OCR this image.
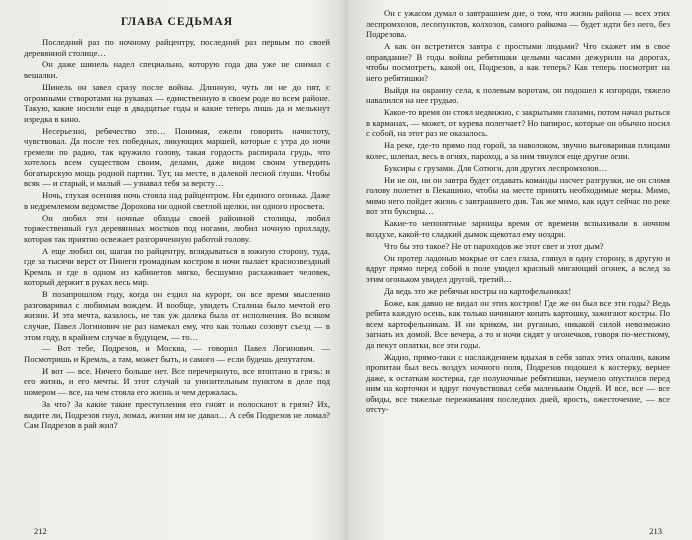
ГЛАВА СЕДЬМАЯ

Последний раз по ночному райцентру, последний раз первым по своей деревянной столице…

Он даже шинель надел специально, которую года два уже не снимал с вешалки.

Шинель он завел сразу после войны. Длинную, чуть ли не до пят, с огромными створотами на рукавах — единственную в своем роде во всем районе. Такую, какие носили еще в двадцатые годы и какие теперь лишь да и мелькнут изредка в кино.

Несерьезно, ребячество это… Понимая, ежели говорить начистоту, чувствовал. Да после тех победных, ликующих маршей, которые с утра до ночи гремели по радио, так кружило голову, такая гордость распирала грудь, что хотелось всем существом своим, делами, даже видом своим утвердить богатырскую мощь родной партии. Тут, на месте, в далекой лесной глуши. Чтобы всяк — и старый, и малый — узнавал тебя за версту…

Ночь, глухая осенняя ночь стояла над райцентром. Ни единого огонька. Даже в недремлемом ведомстве Дорохова ни одной светлой щелки, ни одного просвета.

Он любил эти ночные обходы своей районной столицы, любил торжественный гул деревянных мостков под ногами, любил ночную прохладу, которая так приятно освежает разгоряченную работой голову.

А еще любил он, шагая по райцентру, вглядываться в южную сторону, туда, где за тысячи верст от Пинеги громадным костром в ночи пылает краснозвездный Кремль и где в одном из кабинетов мягко, бесшумно расхаживает человек, который держит в руках весь мир.

В позапрошлом году, когда он ездил на курорт, он все время мысленно разговаривал с любимым вождем. И вообще, увидеть Сталина было мечтой его жизни. И эта мечта, казалось, не так уж далека была от исполнения. Во всяком случае, Павел Логинович не раз намекал ему, что как только созовут съезд — в этом году, в крайнем случае в будущем, — то…

— Вот тебе, Подрезов, и Москва, — говорил Павел Логинович. — Посмотришь и Кремль, а там, может быть, и самого — если будешь депутатом.

И вот — все. Ничего больше нет. Все перечеркнуто, все втоптано в грязь: и его жизнь, и его мечты. И этот случай за унизительным пунктом в деле под номером — все, на чем стояла его жизнь и чем держалась.

За что? За какие такие преступления его гноят и полоскают в грязи? Их, видите ли, Подрезов гнул, ломал, жизни им не давал… А себя Подрезов не ломал? Сам Подрезов в рай жил?

212

Он с ужасом думал о завтрашнем дне, о том, что жизнь района — всех этих леспромхозов, лесопунктов, колхозов, самого райкома — будет идти без него, без Подрезова.

А как он встретится завтра с простыми людьми? Что скажет им в свое оправдание? В годы войны ребятишки целыми часами дежурили на дорогах, чтобы посмотреть, какой он, Подрезов, а как теперь? Как теперь посмотрят на него ребятишки?

Выйдя на окраину села, к полевым воротам, он подошел к изгороди, тяжело навалился на нее грудью.

Какое-то время он стоял недвижно, с закрытыми глазами, потом начал рыться в карманах, — может, от курева полегчает? Но папирос, которые он обычно носил с собой, на этот раз не оказалось.

На реке, где-то прямо под горой, за наволоком, звучно выговаривая плицами колес, шлепал, весь в огнях, пароход, а за ним тянулся еще другие огни.

Буксиры с грузами. Для Сотюги, для других леспромхозов…

Ни не он, ни он завтра будет отдавать команды насчет разгрузки, не он сломя голову полетит в Пекашино, чтобы на месте принять необходимые меры. Мимо, мимо него пойдет жизнь с завтрашнего дня. Так же мимо, как идут сейчас по реке вот эти буксиры…

Какие-то непонятные зарницы время от времени вспыхивали в ночном воздухе, какой-то сладкий дымок щекотал ему ноздри.

Что бы это такое? Не от пароходов же этот свет и этот дым?

Он протер ладонью мокрые от слез глаза, глянул в одну сторону, в другую и вдруг прямо перед собой в поле увидел красный мигающий огонек, а вслед за этим огоньком увидел другой, третий…

Да ведь это же ребячьи костры на картофельниках!

Боже, как давно не видал он этих костров! Где же он был все эти годы? Ведь ребята каждую осень, как только начинают копать картошку, зажигают костры. По всем картофельникам. И ни криком, ни руганью, никакой силой невозможно загнать их домой. Все вечера, а то и ночи сидят у огонечков, говоря по-местному, да пекут оплатки, все эти годы.

Жадно, прямо-таки с наслаждением вдыхая в себя запах этих опалин, каким пропитан был весь воздух ночного поля, Подрезов подошел к костерку, вернее даже, к остаткам костерка, где полуночные ребятишки, неумело опустился перед ним на корточки и вдруг почувствовал себя маленьким Овдей. И все, все — все обиды, все тяжелые переживания последних дней, ярость, ожесточение, — все отсту-

213
